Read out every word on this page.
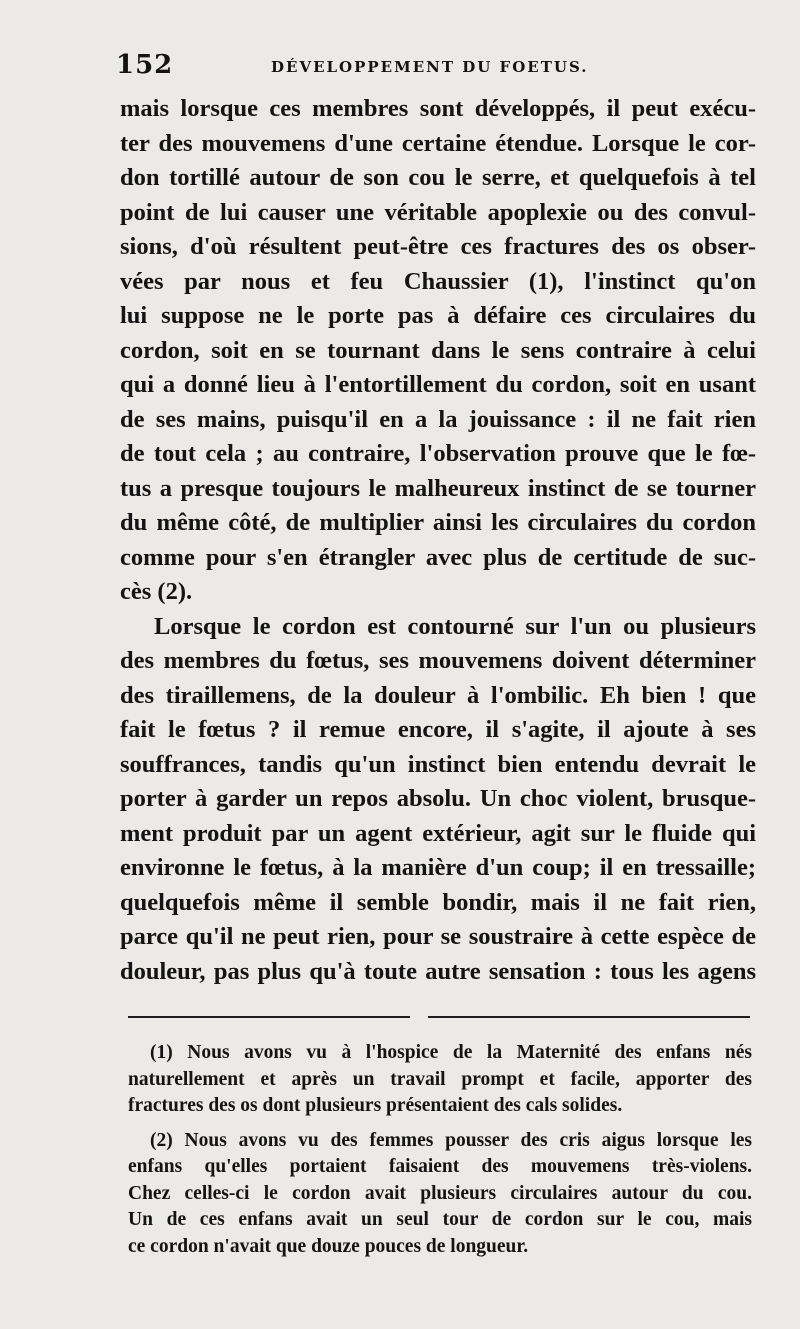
152	DÉVELOPPEMENT DU FOETUS.
mais lorsque ces membres sont développés, il peut exécu-
ter des mouvemens d'une certaine étendue. Lorsque le cor-
don tortillé autour de son cou le serre, et quelquefois à tel
point de lui causer une véritable apoplexie ou des convul-
sions, d'où résultent peut-être ces fractures des os obser-
vées par nous et feu Chaussier (1), l'instinct qu'on
lui suppose ne le porte pas à défaire ces circulaires du
cordon, soit en se tournant dans le sens contraire à celui
qui a donné lieu à l'entortillement du cordon, soit en usant
de ses mains, puisqu'il en a la jouissance : il ne fait rien
de tout cela ; au contraire, l'observation prouve que le fœ-
tus a presque toujours le malheureux instinct de se tourner
du même côté, de multiplier ainsi les circulaires du cordon
comme pour s'en étrangler avec plus de certitude de suc-
cès (2).
Lorsque le cordon est contourné sur l'un ou plusieurs
des membres du fœtus, ses mouvemens doivent déterminer
des tiraillemens, de la douleur à l'ombilic. Eh bien ! que
fait le fœtus ? il remue encore, il s'agite, il ajoute à ses
souffrances, tandis qu'un instinct bien entendu devrait le
porter à garder un repos absolu. Un choc violent, brusque-
ment produit par un agent extérieur, agit sur le fluide qui
environne le fœtus, à la manière d'un coup; il en tressaille;
quelquefois même il semble bondir, mais il ne fait rien,
parce qu'il ne peut rien, pour se soustraire à cette espèce de
douleur, pas plus qu'à toute autre sensation : tous les agens
(1) Nous avons vu à l'hospice de la Maternité des enfans nés
naturellement et après un travail prompt et facile, apporter des
fractures des os dont plusieurs présentaient des cals solides.
(2) Nous avons vu des femmes pousser des cris aigus lorsque les
enfans qu'elles portaient faisaient des mouvemens très-violens.
Chez celles-ci le cordon avait plusieurs circulaires autour du cou.
Un de ces enfans avait un seul tour de cordon sur le cou, mais
ce cordon n'avait que douze pouces de longueur.
